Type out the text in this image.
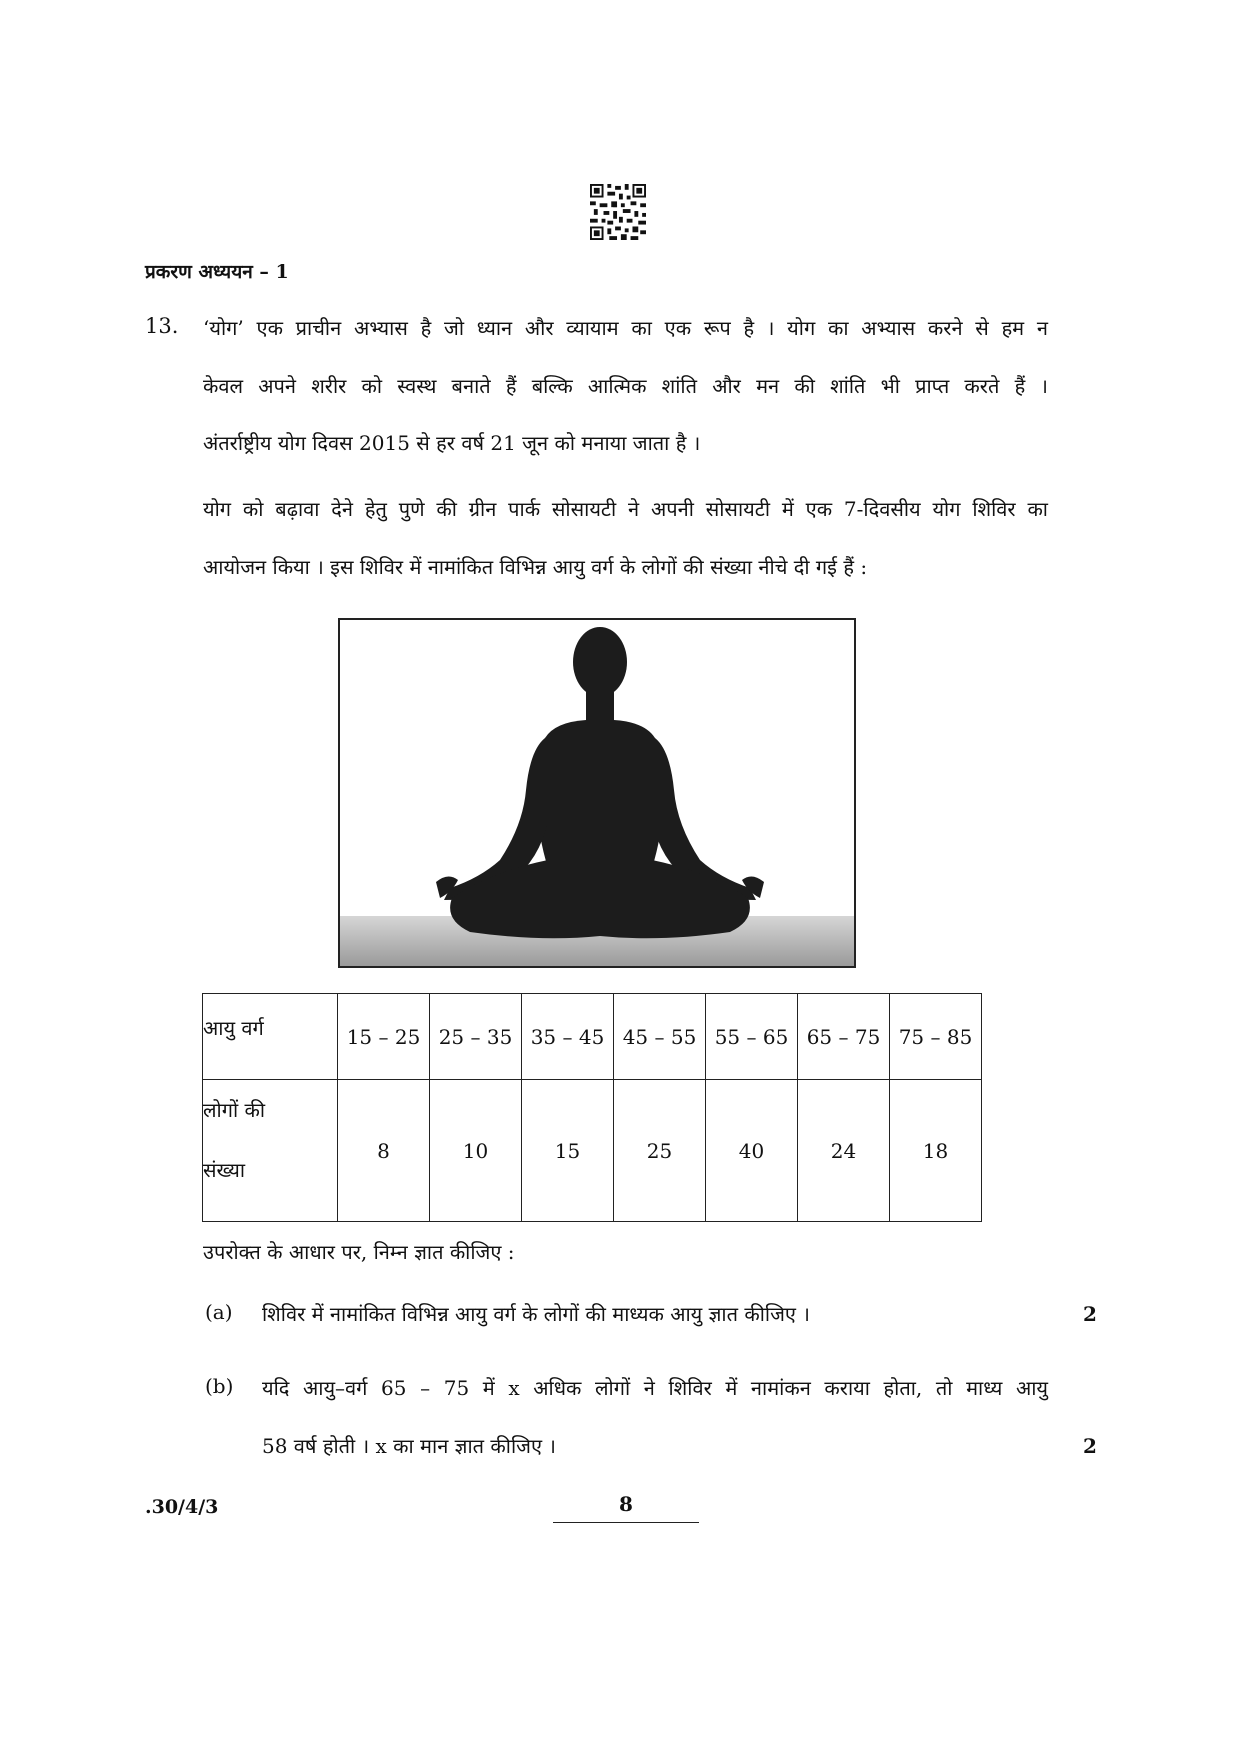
प्रकरण अध्ययन – 1
13. ‘योग’ एक प्राचीन अभ्यास है जो ध्यान और व्यायाम का एक रूप है । योग का अभ्यास करने से हम न
केवल अपने शरीर को स्वस्थ बनाते हैं बल्कि आत्मिक शांति और मन की शांति भी प्राप्त करते हैं ।
अंतर्राष्ट्रीय योग दिवस 2015 से हर वर्ष 21 जून को मनाया जाता है ।
योग को बढ़ावा देने हेतु पुणे की ग्रीन पार्क सोसायटी ने अपनी सोसायटी में एक 7-दिवसीय योग शिविर का
आयोजन किया । इस शिविर में नामांकित विभिन्न आयु वर्ग के लोगों की संख्या नीचे दी गई हैं :
आयु वर्ग	15 – 25	25 – 35	35 – 45	45 – 55	55 – 65	65 – 75	75 – 85

लोगों की
संख्या	8	10	15	25	40	24	18
उपरोक्त के आधार पर, निम्न ज्ञात कीजिए :
(a) शिविर में नामांकित विभिन्न आयु वर्ग के लोगों की माध्यक आयु ज्ञात कीजिए ।	2
(b) यदि आयु–वर्ग 65 – 75 में x अधिक लोगों ने शिविर में नामांकन कराया होता, तो माध्य आयु
58 वर्ष होती । x का मान ज्ञात कीजिए ।	2
.30/4/3	8
